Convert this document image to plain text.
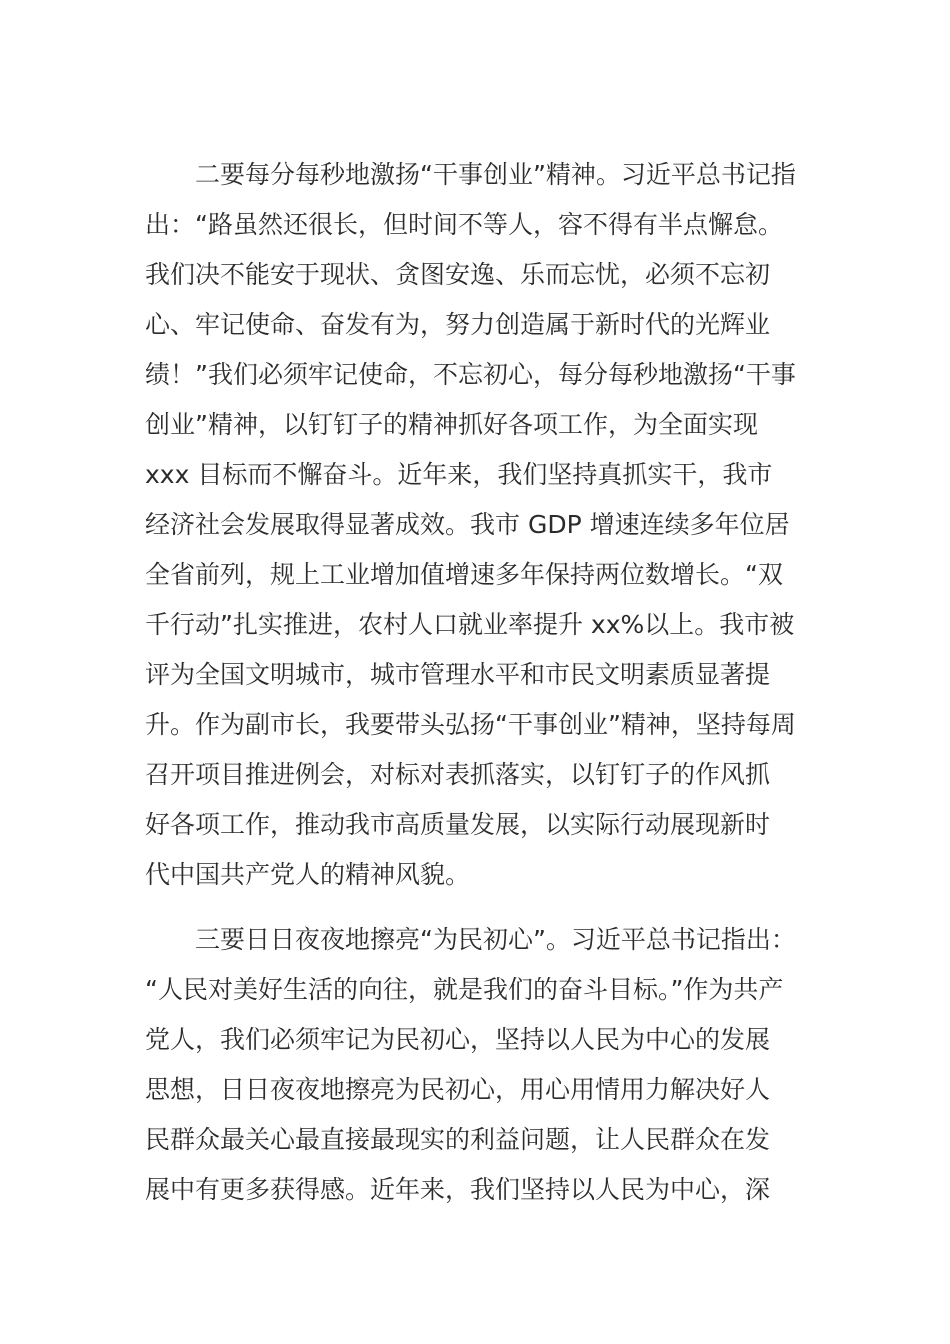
　　二要每分每秒地激扬“干事创业”精神。习近平总书记指
出：“路虽然还很长，但时间不等人，容不得有半点懈怠。
我们决不能安于现状、贪图安逸、乐而忘忧，必须不忘初
心、牢记使命、奋发有为，努力创造属于新时代的光辉业
绩！”我们必须牢记使命，不忘初心，每分每秒地激扬“干事
创业”精神，以钉钉子的精神抓好各项工作，为全面实现
xxx 目标而不懈奋斗。近年来，我们坚持真抓实干，我市
经济社会发展取得显著成效。我市 GDP 增速连续多年位居
全省前列，规上工业增加值增速多年保持两位数增长。“双
千行动”扎实推进，农村人口就业率提升 xx%以上。我市被
评为全国文明城市，城市管理水平和市民文明素质显著提
升。作为副市长，我要带头弘扬“干事创业”精神，坚持每周
召开项目推进例会，对标对表抓落实，以钉钉子的作风抓
好各项工作，推动我市高质量发展，以实际行动展现新时
代中国共产党人的精神风貌。

　　三要日日夜夜地擦亮“为民初心”。习近平总书记指出：
“人民对美好生活的向往，就是我们的奋斗目标。”作为共产
党人，我们必须牢记为民初心，坚持以人民为中心的发展
思想，日日夜夜地擦亮为民初心，用心用情用力解决好人
民群众最关心最直接最现实的利益问题，让人民群众在发
展中有更多获得感。近年来，我们坚持以人民为中心，深
